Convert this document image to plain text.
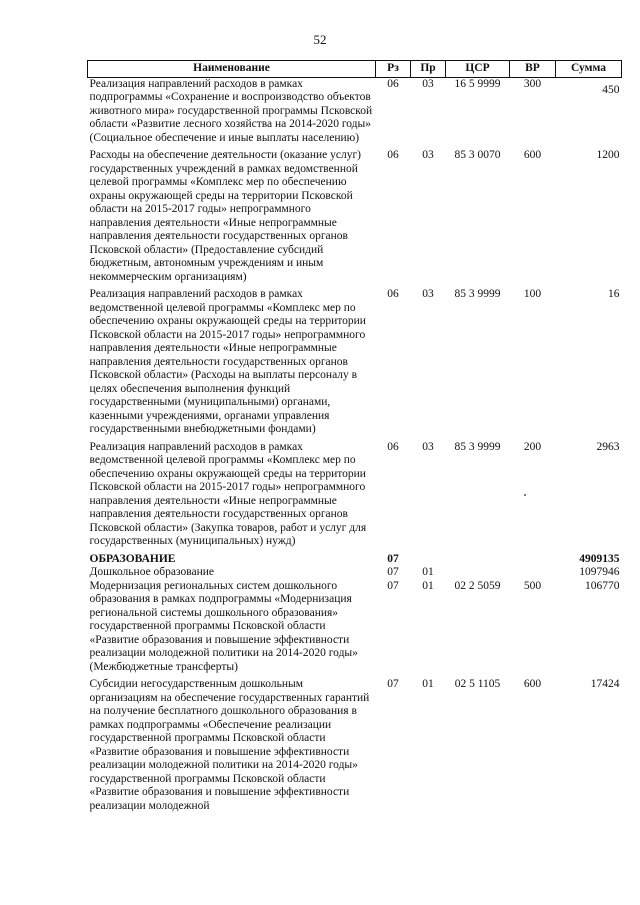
52
Наименование	Рз	Пр	ЦСР	ВР	Сумма
Реализация направлений расходов в рамках подпрограммы «Сохранение и воспроизводство объектов животного мира» государственной программы Псковской области «Развитие лесного хозяйства на 2014-2020 годы» (Социальное обеспечение и иные выплаты населению)	06	03	16 5 9999	300	450
Расходы на обеспечение деятельности (оказание услуг) государственных учреждений в рамках ведомственной целевой программы «Комплекс мер по обеспечению охраны окружающей среды на территории Псковской области на 2015-2017 годы» непрограммного направления деятельности «Иные непрограммные направления деятельности государственных органов Псковской области» (Предоставление субсидий бюджетным, автономным учреждениям и иным некоммерческим организациям)	06	03	85 3 0070	600	1200
Реализация направлений расходов в рамках ведомственной целевой программы «Комплекс мер по обеспечению охраны окружающей среды на территории Псковской области на 2015-2017 годы» непрограммного направления деятельности «Иные непрограммные направления деятельности государственных органов Псковской области» (Расходы на выплаты персоналу в целях обеспечения выполнения функций государственными (муниципальными) органами, казенными учреждениями, органами управления государственными внебюджетными фондами)	06	03	85 3 9999	100	16
Реализация направлений расходов в рамках ведомственной целевой программы «Комплекс мер по обеспечению охраны окружающей среды на территории Псковской области на 2015-2017 годы» непрограммного направления деятельности «Иные непрограммные направления деятельности государственных органов Псковской области» (Закупка товаров, работ и услуг для государственных (муниципальных) нужд)	06	03	85 3 9999	200	2963
ОБРАЗОВАНИЕ	07				4909135
Дошкольное образование	07	01			1097946
Модернизация региональных систем дошкольного образования в рамках подпрограммы «Модернизация региональной системы дошкольного образования» государственной программы Псковской области «Развитие образования и повышение эффективности реализации молодежной политики на 2014-2020 годы» (Межбюджетные трансферты)	07	01	02 2 5059	500	106770
Субсидии негосударственным дошкольным организациям на обеспечение государственных гарантий на получение бесплатного дошкольного образования в рамках подпрограммы «Обеспечение реализации государственной программы Псковской области «Развитие образования и повышение эффективности реализации молодежной политики на 2014-2020 годы» государственной программы Псковской области «Развитие образования и повышение эффективности реализации молодежной	07	01	02 5 1105	600	17424
